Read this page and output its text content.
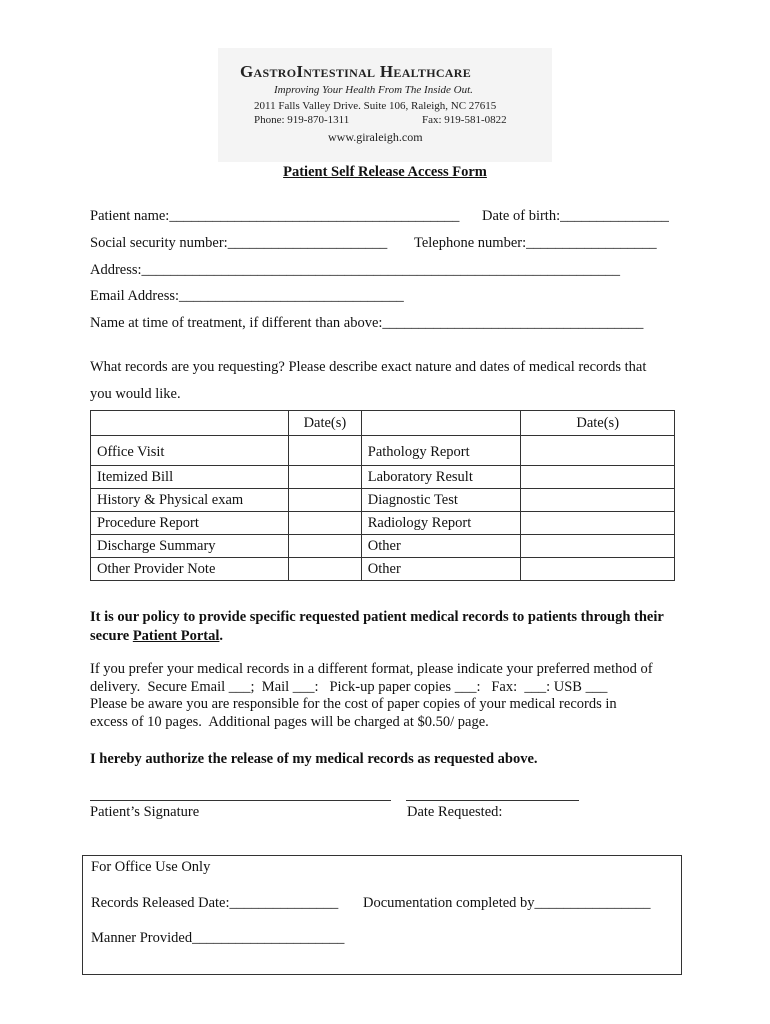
GastroIntestinal Healthcare
Improving Your Health From The Inside Out.
2011 Falls Valley Drive. Suite 106, Raleigh, NC 27615
Phone: 919-870-1311	Fax: 919-581-0822
www.giraleigh.com
Patient Self Release Access Form
Patient name:________________________________________ Date of birth:_______________
Social security number:______________________ Telephone number:__________________
Address:__________________________________________________________________
Email Address:_______________________________
Name at time of treatment, if different than above:____________________________________
What records are you requesting? Please describe exact nature and dates of medical records that
you would like.
	Date(s)		Date(s)
Office Visit		Pathology Report	
Itemized Bill		Laboratory Result	
History & Physical exam		Diagnostic Test	
Procedure Report		Radiology Report	
Discharge Summary		Other	
Other Provider Note		Other	
It is our policy to provide specific requested patient medical records to patients through their secure Patient Portal.
If you prefer your medical records in a different format, please indicate your preferred method of
delivery.  Secure Email ___;  Mail ___:   Pick-up paper copies ___:   Fax:  ___: USB ___
Please be aware you are responsible for the cost of paper copies of your medical records in
excess of 10 pages.  Additional pages will be charged at $0.50/ page.
I hereby authorize the release of my medical records as requested above.
Patient’s Signature	Date Requested:
For Office Use Only
Records Released Date:_______________ Documentation completed by________________
Manner Provided_____________________
